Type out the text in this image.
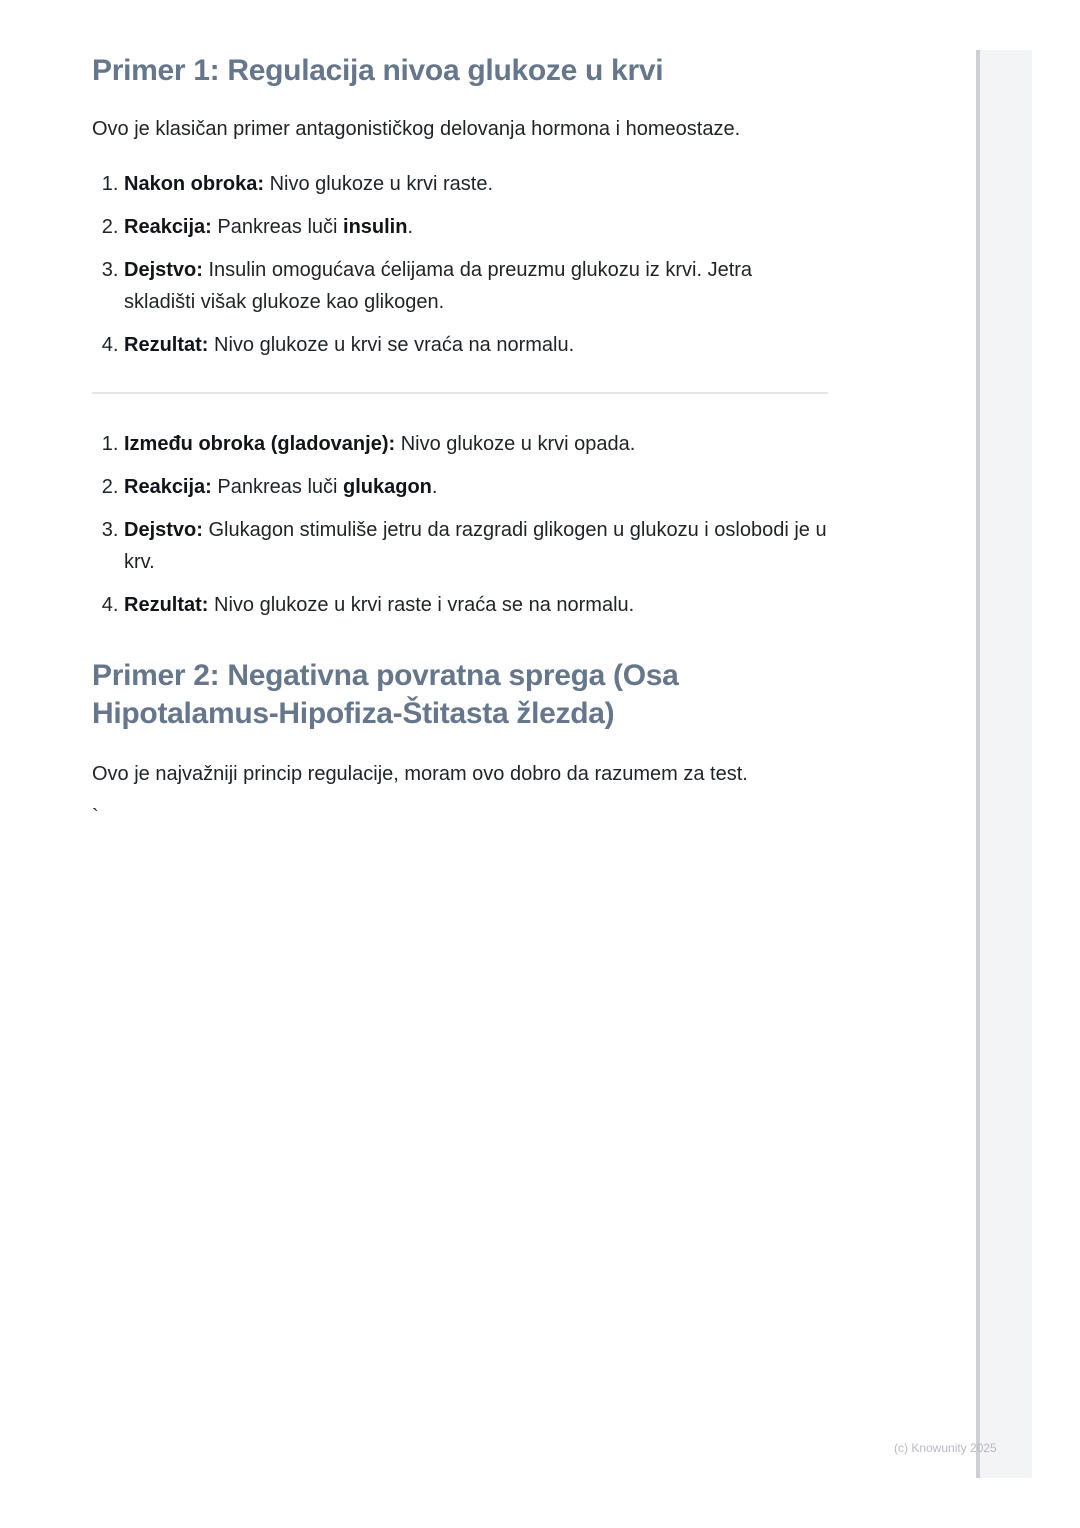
Primer 1: Regulacija nivoa glukoze u krvi

Ovo je klasičan primer antagonističkog delovanja hormona i homeostaze.

1. Nakon obroka: Nivo glukoze u krvi raste.
2. Reakcija: Pankreas luči insulin.
3. Dejstvo: Insulin omogućava ćelijama da preuzmu glukozu iz krvi. Jetra skladišti višak glukoze kao glikogen.
4. Rezultat: Nivo glukoze u krvi se vraća na normalu.
1. Između obroka (gladovanje): Nivo glukoze u krvi opada.
2. Reakcija: Pankreas luči glukagon.
3. Dejstvo: Glukagon stimuliše jetru da razgradi glikogen u glukozu i oslobodi je u krv.
4. Rezultat: Nivo glukoze u krvi raste i vraća se na normalu.
Primer 2: Negativna povratna sprega (Osa Hipotalamus-Hipofiza-Štitasta žlezda)

Ovo je najvažniji princip regulacije, moram ovo dobro da razumem za test.

`

(c) Knowunity 2025
